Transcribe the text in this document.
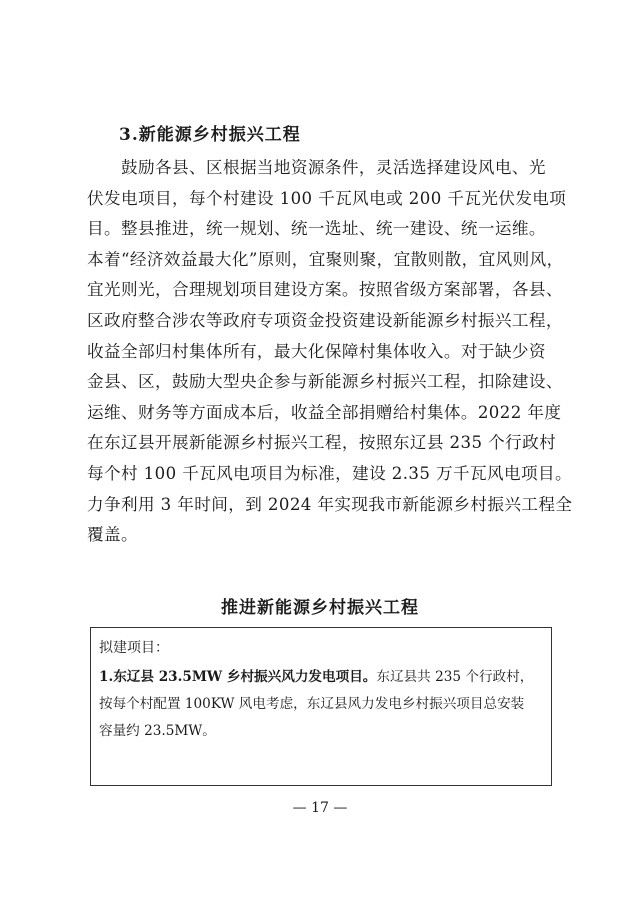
3.新能源乡村振兴工程

　　鼓励各县、区根据当地资源条件，灵活选择建设风电、光
伏发电项目，每个村建设 100 千瓦风电或 200 千瓦光伏发电项
目。整县推进，统一规划、统一选址、统一建设、统一运维。
本着“经济效益最大化”原则，宜聚则聚，宜散则散，宜风则风，
宜光则光，合理规划项目建设方案。按照省级方案部署，各县、
区政府整合涉农等政府专项资金投资建设新能源乡村振兴工程，
收益全部归村集体所有，最大化保障村集体收入。对于缺少资
金县、区，鼓励大型央企参与新能源乡村振兴工程，扣除建设、
运维、财务等方面成本后，收益全部捐赠给村集体。2022 年度
在东辽县开展新能源乡村振兴工程，按照东辽县 235 个行政村
每个村 100 千瓦风电项目为标准，建设 2.35 万千瓦风电项目。
力争利用 3 年时间，到 2024 年实现我市新能源乡村振兴工程全
覆盖。

推进新能源乡村振兴工程

拟建项目：
1.东辽县 23.5MW 乡村振兴风力发电项目。东辽县共 235 个行政村，
按每个村配置 100KW 风电考虑，东辽县风力发电乡村振兴项目总安装
容量约 23.5MW。
— 17 —
